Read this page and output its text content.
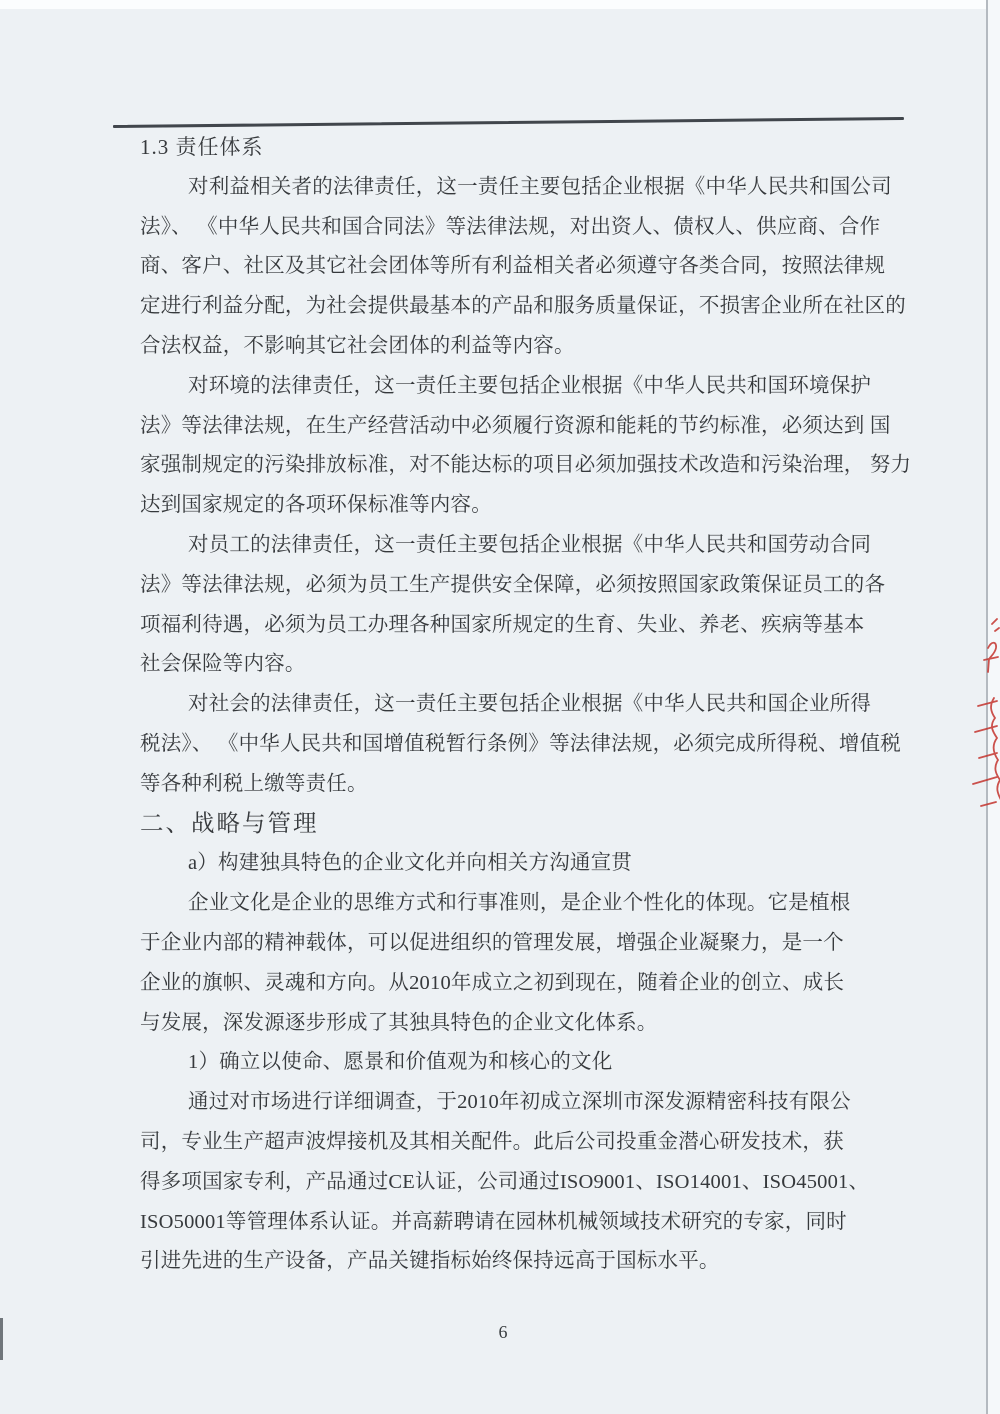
1.3 责任体系
对利益相关者的法律责任，这一责任主要包括企业根据《中华人民共和国公司
法》、 《中华人民共和国合同法》等法律法规，对出资人、债权人、供应商、合作
商、客户、社区及其它社会团体等所有利益相关者必须遵守各类合同，按照法律规
定进行利益分配，为社会提供最基本的产品和服务质量保证，不损害企业所在社区的
合法权益，不影响其它社会团体的利益等内容。
对环境的法律责任，这一责任主要包括企业根据《中华人民共和国环境保护
法》等法律法规，在生产经营活动中必须履行资源和能耗的节约标准，必须达到 国
家强制规定的污染排放标准，对不能达标的项目必须加强技术改造和污染治理， 努力
达到国家规定的各项环保标准等内容。
对员工的法律责任，这一责任主要包括企业根据《中华人民共和国劳动合同
法》等法律法规，必须为员工生产提供安全保障，必须按照国家政策保证员工的各
项福利待遇，必须为员工办理各种国家所规定的生育、失业、养老、疾病等基本
社会保险等内容。
对社会的法律责任，这一责任主要包括企业根据《中华人民共和国企业所得
税法》、 《中华人民共和国增值税暂行条例》等法律法规，必须完成所得税、增值税
等各种利税上缴等责任。
二、战略与管理
a）构建独具特色的企业文化并向相关方沟通宣贯
企业文化是企业的思维方式和行事准则，是企业个性化的体现。它是植根
于企业内部的精神载体，可以促进组织的管理发展，增强企业凝聚力，是一个
企业的旗帜、灵魂和方向。从2010年成立之初到现在，随着企业的创立、成长
与发展，深发源逐步形成了其独具特色的企业文化体系。
1）确立以使命、愿景和价值观为和核心的文化
通过对市场进行详细调查，于2010年初成立深圳市深发源精密科技有限公
司，专业生产超声波焊接机及其相关配件。此后公司投重金潜心研发技术，获
得多项国家专利，产品通过CE认证，公司通过ISO9001、ISO14001、ISO45001、
ISO50001等管理体系认证。并高薪聘请在园林机械领域技术研究的专家，同时
引进先进的生产设备，产品关键指标始终保持远高于国标水平。
6
